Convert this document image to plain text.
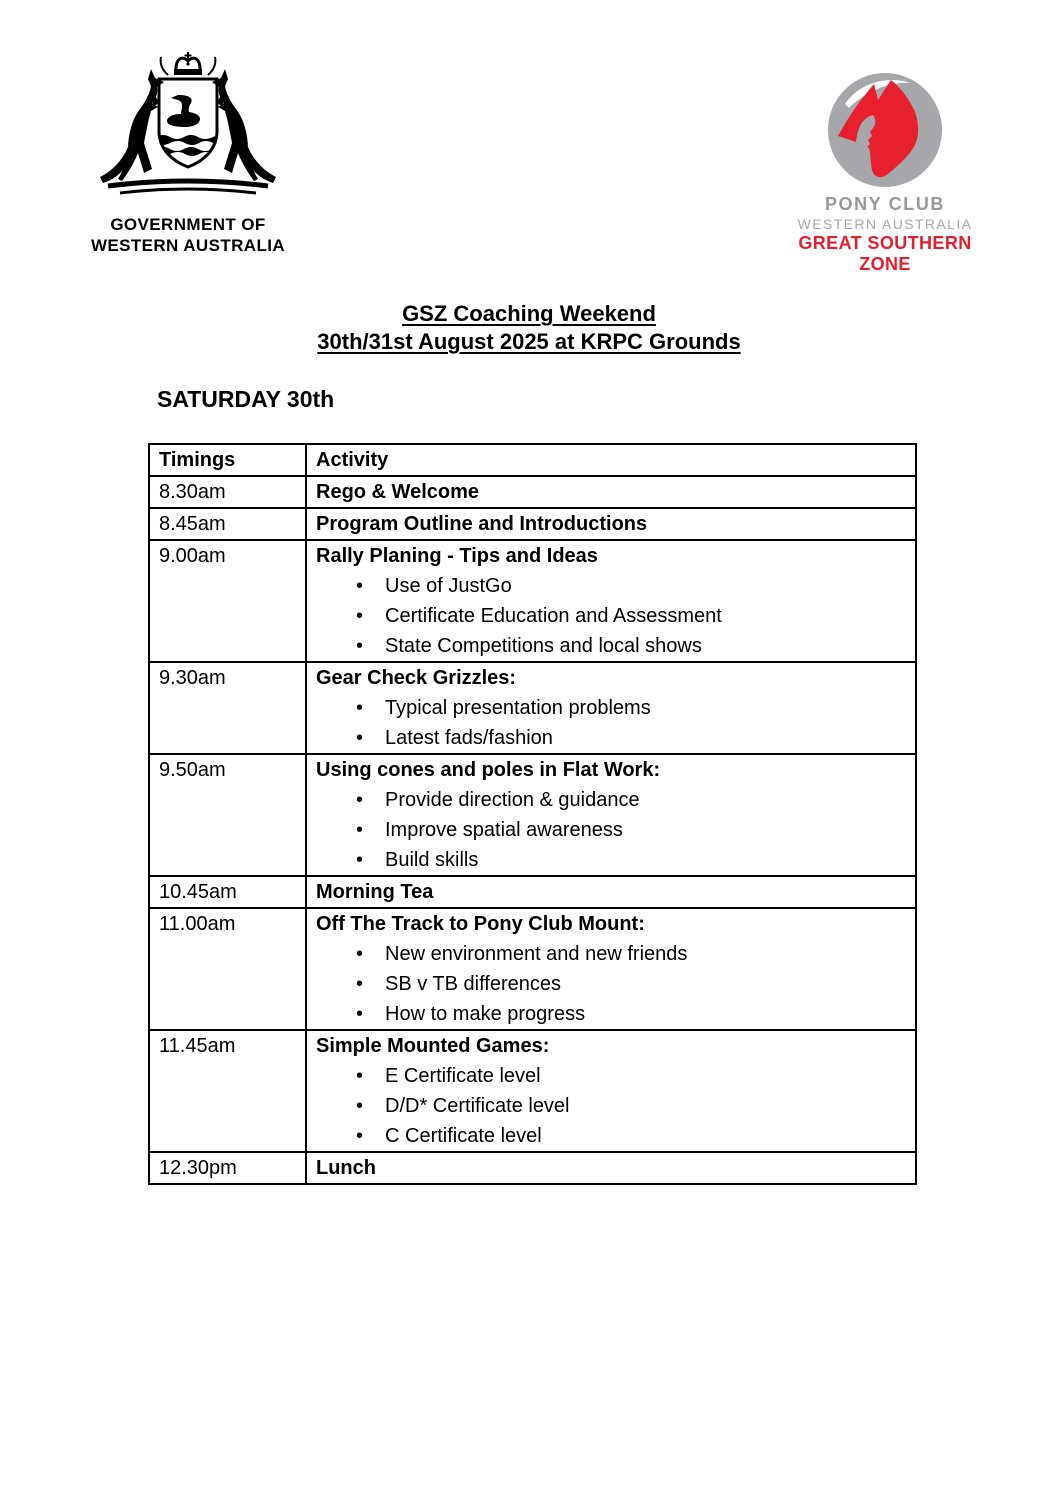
GOVERNMENT OF
WESTERN AUSTRALIA
PONY CLUB
WESTERN AUSTRALIA
GREAT SOUTHERN ZONE
GSZ Coaching Weekend
30th/31st August 2025 at KRPC Grounds
SATURDAY 30th
Timings	Activity
8.30am	Rego & Welcome

8.45am	Program Outline and Introductions

9.00am	Rally Planing - Tips and Ideas
• Use of JustGo
• Certificate Education and Assessment
• State Competitions and local shows

9.30am	Gear Check Grizzles:
• Typical presentation problems
• Latest fads/fashion

9.50am	Using cones and poles in Flat Work:
• Provide direction & guidance
• Improve spatial awareness
• Build skills

10.45am	Morning Tea

11.00am	Off The Track to Pony Club Mount:
• New environment and new friends
• SB v TB differences
• How to make progress

11.45am	Simple Mounted Games:
• E Certificate level
• D/D* Certificate level
• C Certificate level

12.30pm	Lunch
